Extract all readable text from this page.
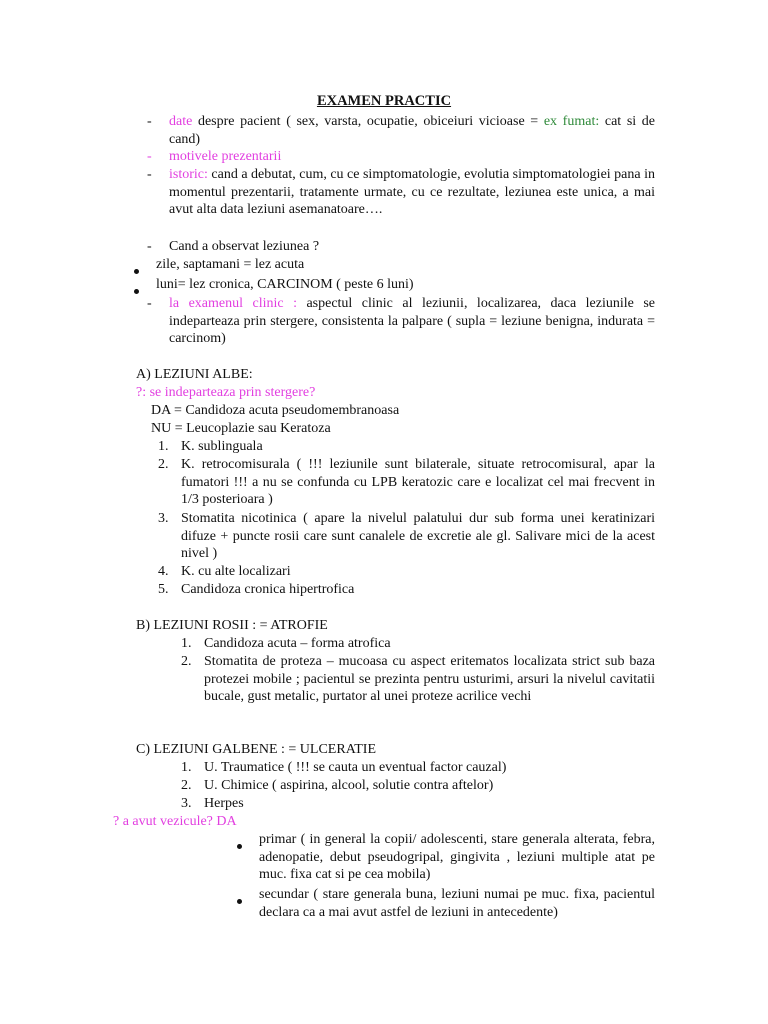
EXAMEN PRACTIC
- date despre pacient ( sex, varsta, ocupatie, obiceiuri vicioase = ex fumat: cat si de cand)
- motivele prezentarii
- istoric: cand a debutat, cum, cu ce simptomatologie, evolutia simptomatologiei pana in momentul prezentarii, tratamente urmate, cu ce rezultate, leziunea este unica, a mai avut alta data leziuni asemanatoare….
- Cand a observat leziunea ?
zile, saptamani = lez acuta
luni= lez cronica, CARCINOM ( peste 6 luni)
- la examenul clinic : aspectul clinic al leziunii, localizarea, daca leziunile se indeparteaza prin stergere, consistenta la palpare ( supla = leziune benigna, indurata = carcinom)
A) LEZIUNI ALBE:
?: se indeparteaza prin stergere?
DA = Candidoza acuta pseudomembranoasa
NU = Leucoplazie sau Keratoza
1. K. sublinguala
2. K. retrocomisurala ( !!! leziunile sunt bilaterale, situate retrocomisural, apar la fumatori !!! a nu se confunda cu LPB keratozic care e localizat cel mai frecvent in 1/3 posterioara )
3. Stomatita nicotinica ( apare la nivelul palatului dur sub forma unei keratinizari difuze + puncte rosii care sunt canalele de excretie ale gl. Salivare mici de la acest nivel )
4. K. cu alte localizari
5. Candidoza cronica hipertrofica
B) LEZIUNI ROSII : = ATROFIE
1. Candidoza acuta – forma atrofica
2. Stomatita de proteza – mucoasa cu aspect eritematos localizata strict sub baza protezei mobile ; pacientul se prezinta pentru usturimi, arsuri la nivelul cavitatii bucale, gust metalic, purtator al unei proteze acrilice vechi
C) LEZIUNI GALBENE : = ULCERATIE
1. U. Traumatice ( !!! se cauta un eventual factor cauzal)
2. U. Chimice ( aspirina, alcool, solutie contra aftelor)
3. Herpes
? a avut vezicule? DA
primar ( in general la copii/ adolescenti, stare generala alterata, febra, adenopatie, debut pseudogripal, gingivita , leziuni multiple atat pe muc. fixa cat si pe cea mobila)
secundar ( stare generala buna, leziuni numai pe muc. fixa, pacientul declara ca a mai avut astfel de leziuni in antecedente)
